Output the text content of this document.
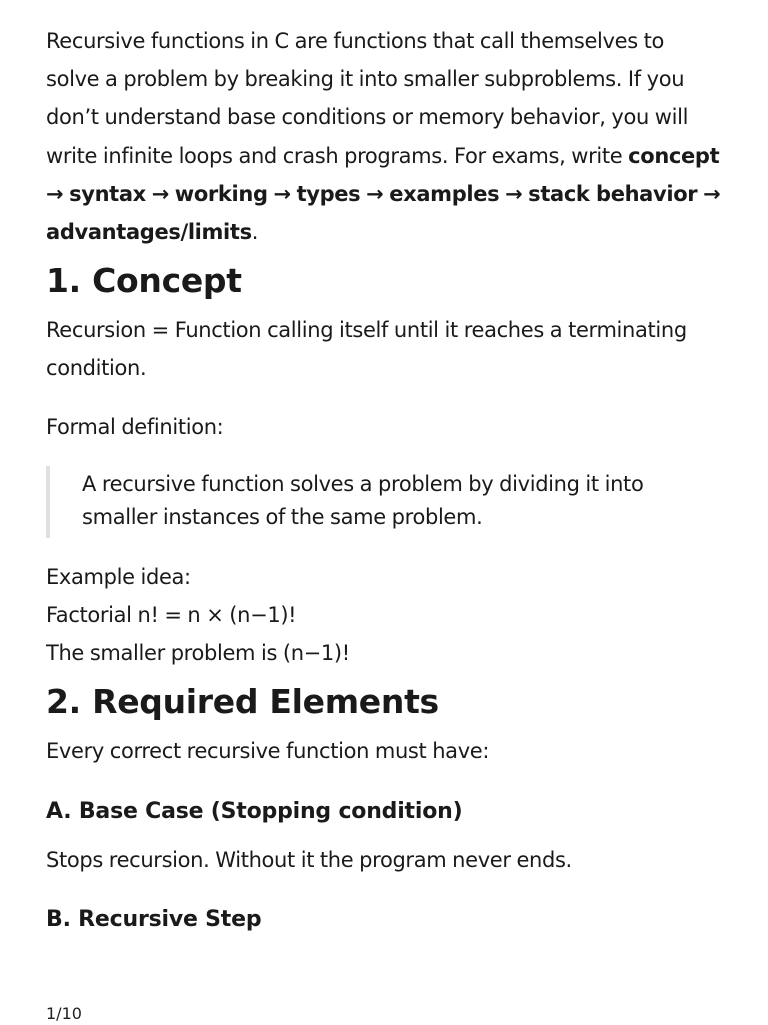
Recursive functions in C are functions that call themselves to solve a problem by breaking it into smaller subproblems. If you don’t understand base conditions or memory behavior, you will write infinite loops and crash programs. For exams, write concept → syntax → working → types → examples → stack behavior → advantages/limits.

1. Concept

Recursion = Function calling itself until it reaches a terminating condition.

Formal definition:

A recursive function solves a problem by dividing it into smaller instances of the same problem.

Example idea:

Factorial n! = n × (n−1)!

The smaller problem is (n−1)!

2. Required Elements

Every correct recursive function must have:

A. Base Case (Stopping condition)

Stops recursion. Without it the program never ends.

B. Recursive Step
1/10
